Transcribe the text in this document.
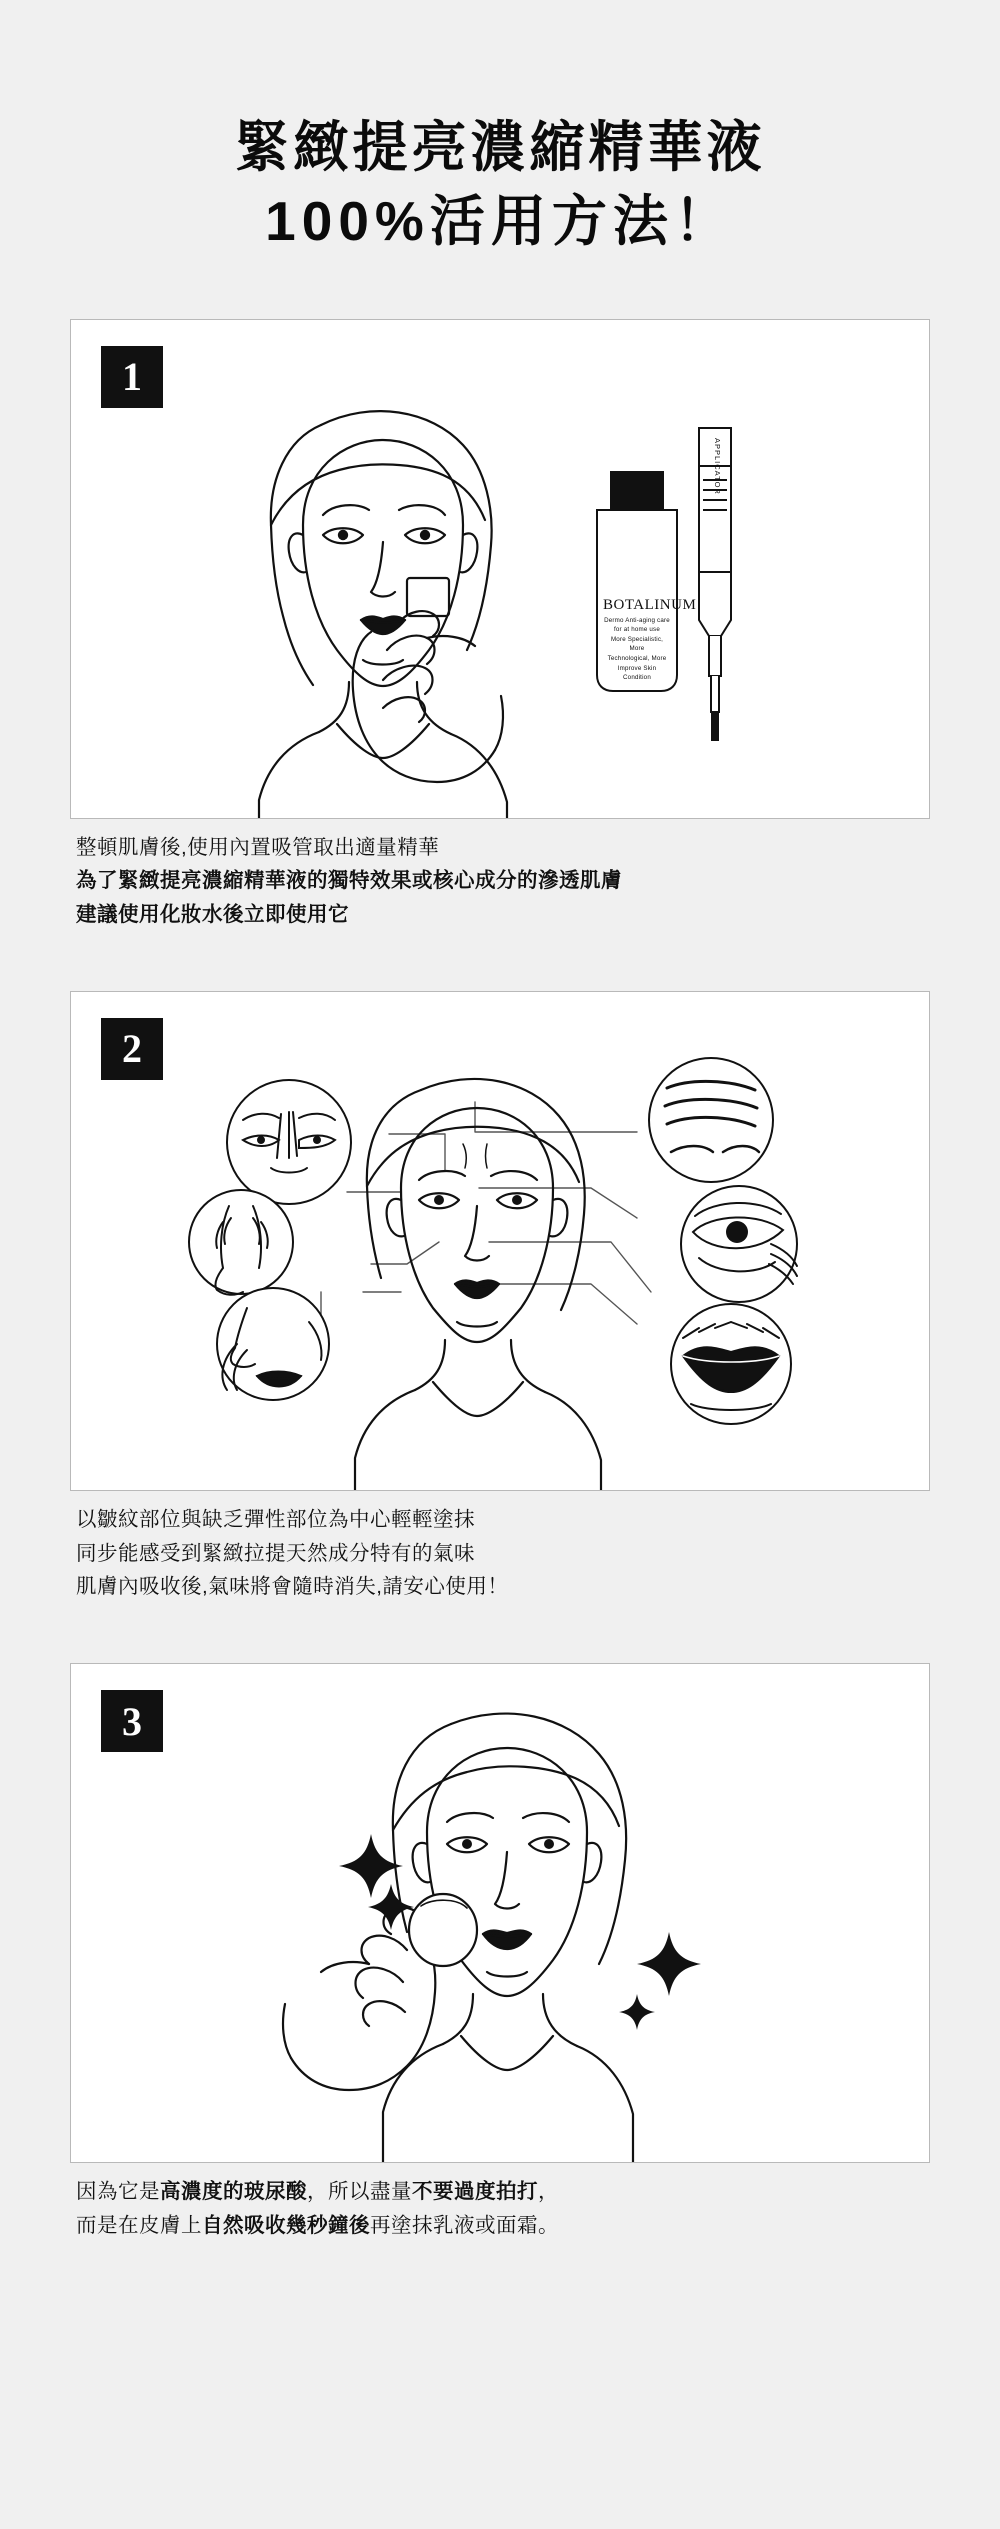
緊緻提亮濃縮精華液
100%活用方法！
1
BOTALINUM
Dermo Anti-aging care
for at home use
More Specialistic, More
Technological, More
Improve Skin Condition
APPLICATOR

整頓肌膚後,使用內置吸管取出適量精華

為了緊緻提亮濃縮精華液的獨特效果或核心成分的滲透肌膚

建議使用化妝水後立即使用它

2

以皺紋部位與缺乏彈性部位為中心輕輕塗抹

同步能感受到緊緻拉提天然成分特有的氣味

肌膚內吸收後,氣味將會隨時消失,請安心使用！

3

因為它是高濃度的玻尿酸，所以盡量不要過度拍打，

而是在皮膚上自然吸收幾秒鐘後再塗抹乳液或面霜。
